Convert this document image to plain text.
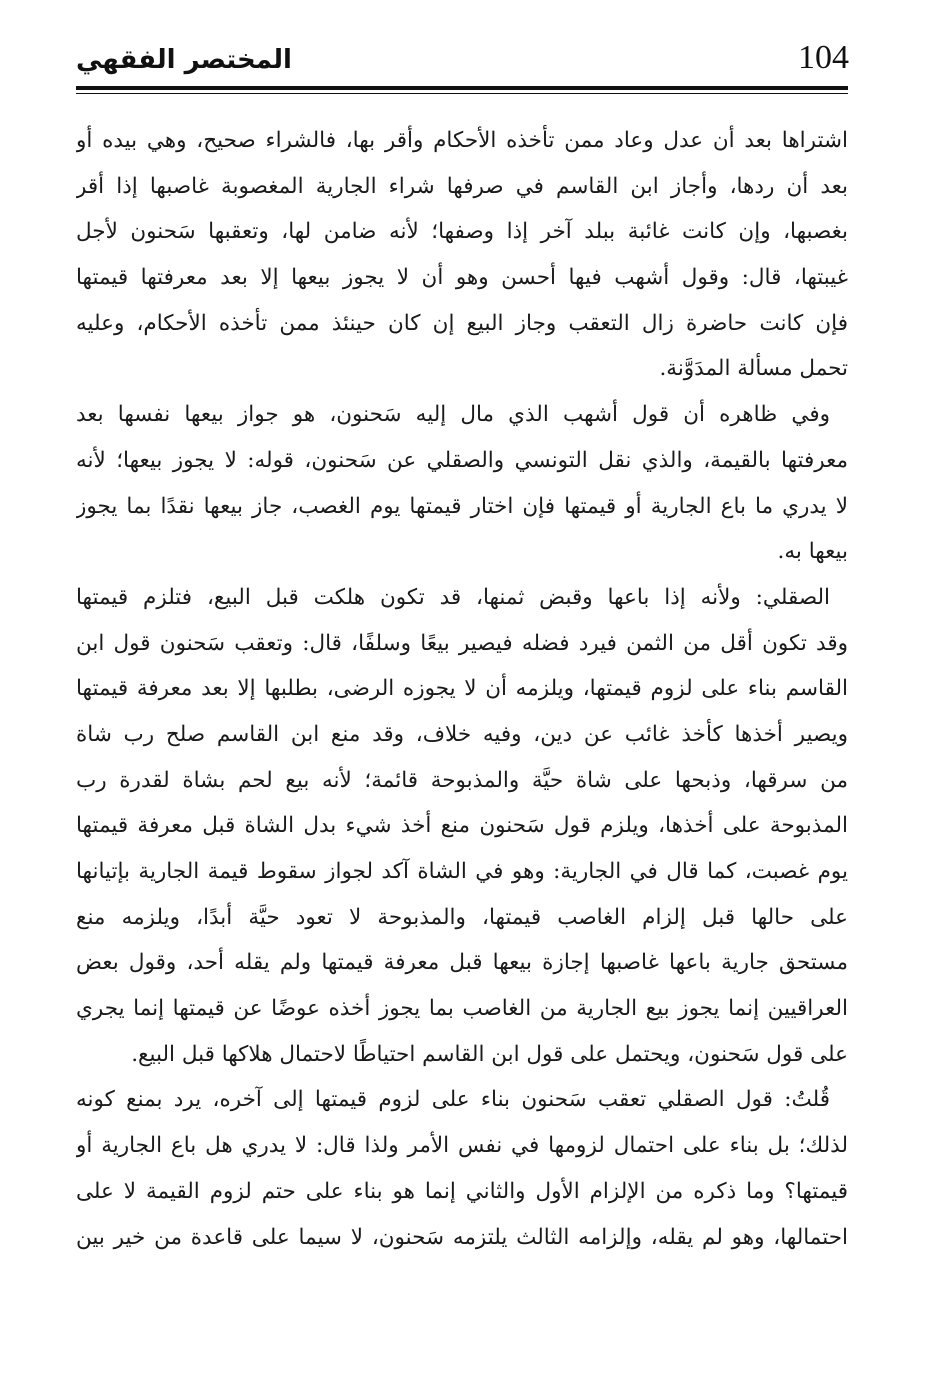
104
المختصر الفقهي
اشتراها بعد أن عدل وعاد ممن تأخذه الأحكام وأقر بها، فالشراء صحيح، وهي بيده أو
بعد أن ردها، وأجاز ابن القاسم في صرفها شراء الجارية المغصوبة غاصبها إذا أقر
بغصبها، وإن كانت غائبة ببلد آخر إذا وصفها؛ لأنه ضامن لها، وتعقبها سَحنون لأجل
غيبتها، قال: وقول أشهب فيها أحسن وهو أن لا يجوز بيعها إلا بعد معرفتها قيمتها
فإن كانت حاضرة زال التعقب وجاز البيع إن كان حينئذ ممن تأخذه الأحكام، وعليه
تحمل مسألة المدَوَّنة.
وفي ظاهره أن قول أشهب الذي مال إليه سَحنون، هو جواز بيعها نفسها بعد
معرفتها بالقيمة، والذي نقل التونسي والصقلي عن سَحنون، قوله: لا يجوز بيعها؛ لأنه
لا يدري ما باع الجارية أو قيمتها فإن اختار قيمتها يوم الغصب، جاز بيعها نقدًا بما يجوز
بيعها به.
الصقلي: ولأنه إذا باعها وقبض ثمنها، قد تكون هلكت قبل البيع، فتلزم قيمتها
وقد تكون أقل من الثمن فيرد فضله فيصير بيعًا وسلفًا، قال: وتعقب سَحنون قول ابن
القاسم بناء على لزوم قيمتها، ويلزمه أن لا يجوزه الرضى، بطلبها إلا بعد معرفة قيمتها
ويصير أخذها كأخذ غائب عن دين، وفيه خلاف، وقد منع ابن القاسم صلح رب شاة
من سرقها، وذبحها على شاة حيَّة والمذبوحة قائمة؛ لأنه بيع لحم بشاة لقدرة رب
المذبوحة على أخذها، ويلزم قول سَحنون منع أخذ شيء بدل الشاة قبل معرفة قيمتها
يوم غصبت، كما قال في الجارية: وهو في الشاة آكد لجواز سقوط قيمة الجارية بإتيانها
على حالها قبل إلزام الغاصب قيمتها، والمذبوحة لا تعود حيَّة أبدًا، ويلزمه منع
مستحق جارية باعها غاصبها إجازة بيعها قبل معرفة قيمتها ولم يقله أحد، وقول بعض
العراقيين إنما يجوز بيع الجارية من الغاصب بما يجوز أخذه عوضًا عن قيمتها إنما يجري
على قول سَحنون، ويحتمل على قول ابن القاسم احتياطًا لاحتمال هلاكها قبل البيع.
قُلتُ: قول الصقلي تعقب سَحنون بناء على لزوم قيمتها إلى آخره، يرد بمنع كونه
لذلك؛ بل بناء على احتمال لزومها في نفس الأمر ولذا قال: لا يدري هل باع الجارية أو
قيمتها؟ وما ذكره من الإلزام الأول والثاني إنما هو بناء على حتم لزوم القيمة لا على
احتمالها، وهو لم يقله، وإلزامه الثالث يلتزمه سَحنون، لا سيما على قاعدة من خير بين
